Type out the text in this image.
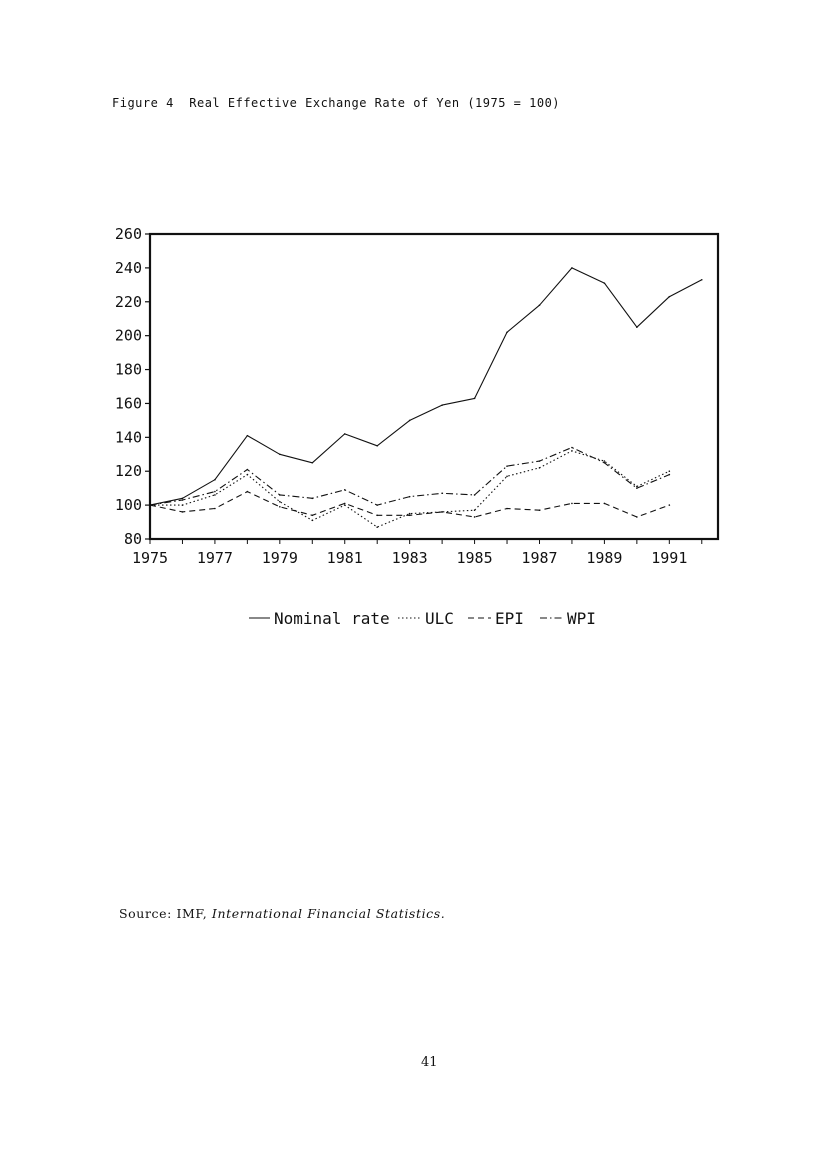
Figure 4  Real Effective Exchange Rate of Yen (1975 = 100)
80
100
120
140
160
180
200
220
240
260
1975 1977 1979 1981 1983 1985 1987 1989 1991
Nominal rate ULC	EPI	WPI
Source: IMF, International Financial Statistics.
41
